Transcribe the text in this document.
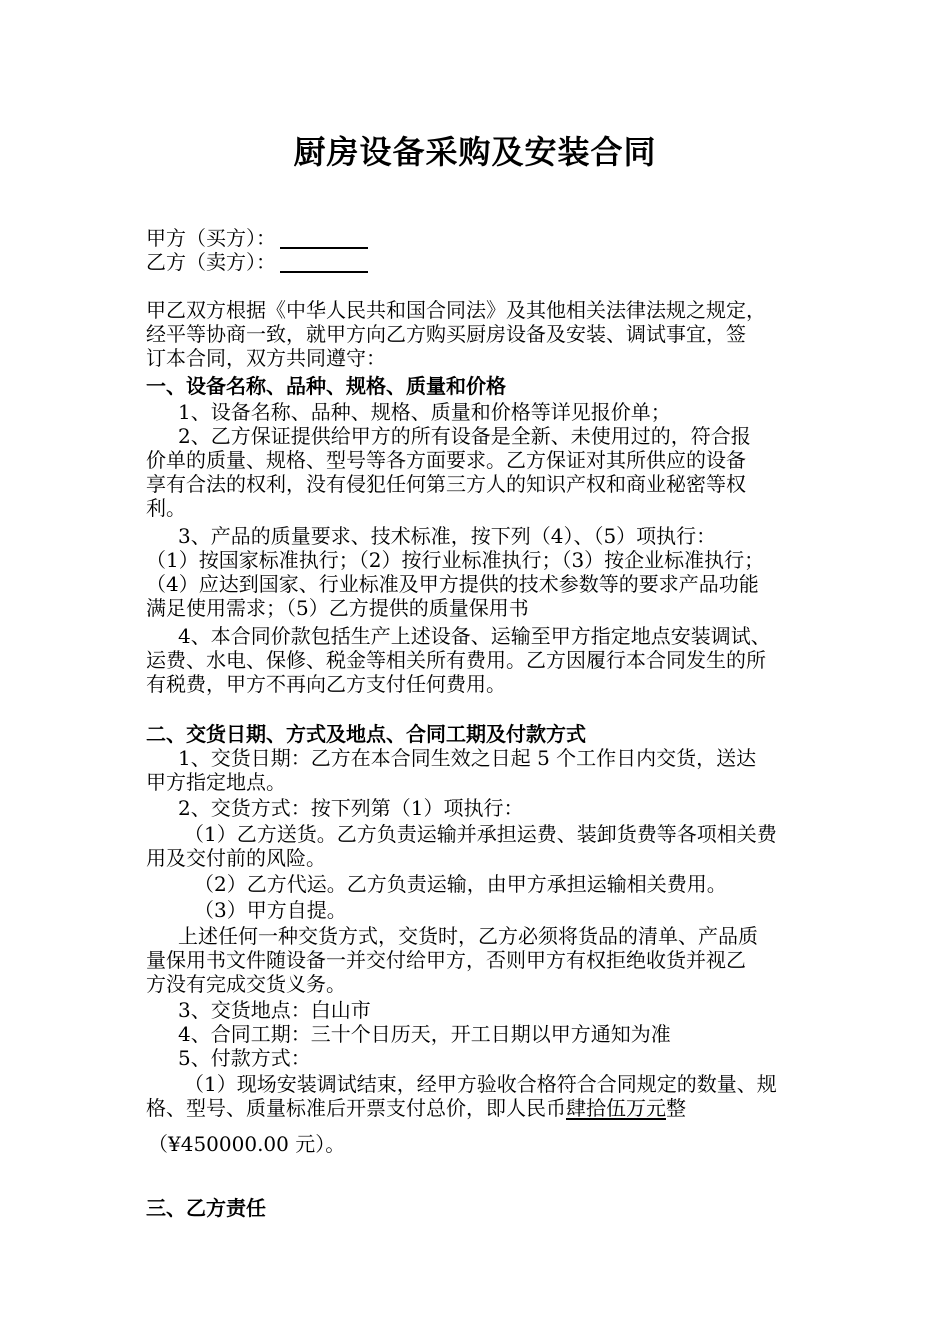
厨房设备采购及安装合同
甲方（买方）：
乙方（卖方）：
甲乙双方根据《中华人民共和国合同法》及其他相关法律法规之规定，
经平等协商一致，就甲方向乙方购买厨房设备及安装、调试事宜，签
订本合同，双方共同遵守：
一、设备名称、品种、规格、质量和价格
1、设备名称、品种、规格、质量和价格等详见报价单；
2、乙方保证提供给甲方的所有设备是全新、未使用过的，符合报
价单的质量、规格、型号等各方面要求。乙方保证对其所供应的设备
享有合法的权利，没有侵犯任何第三方人的知识产权和商业秘密等权
利。
3、产品的质量要求、技术标准，按下列（4）、（5）项执行：
（1）按国家标准执行；（2）按行业标准执行；（3）按企业标准执行；
（4）应达到国家、行业标准及甲方提供的技术参数等的要求产品功能
满足使用需求；（5）乙方提供的质量保用书
4、本合同价款包括生产上述设备、运输至甲方指定地点安装调试、
运费、水电、保修、税金等相关所有费用。乙方因履行本合同发生的所
有税费，甲方不再向乙方支付任何费用。
二、交货日期、方式及地点、合同工期及付款方式
1、交货日期：乙方在本合同生效之日起 5 个工作日内交货，送达
甲方指定地点。
2、交货方式：按下列第（1）项执行：
（1）乙方送货。乙方负责运输并承担运费、装卸货费等各项相关费
用及交付前的风险。
（2）乙方代运。乙方负责运输，由甲方承担运输相关费用。
（3）甲方自提。
上述任何一种交货方式，交货时，乙方必须将货品的清单、产品质
量保用书文件随设备一并交付给甲方，否则甲方有权拒绝收货并视乙
方没有完成交货义务。
3、交货地点：白山市
4、合同工期：三十个日历天，开工日期以甲方通知为准
5、付款方式：
（1）现场安装调试结束，经甲方验收合格符合合同规定的数量、规
格、型号、质量标准后开票支付总价，即人民币肆拾伍万元整
（¥450000.00 元）。
三、乙方责任
